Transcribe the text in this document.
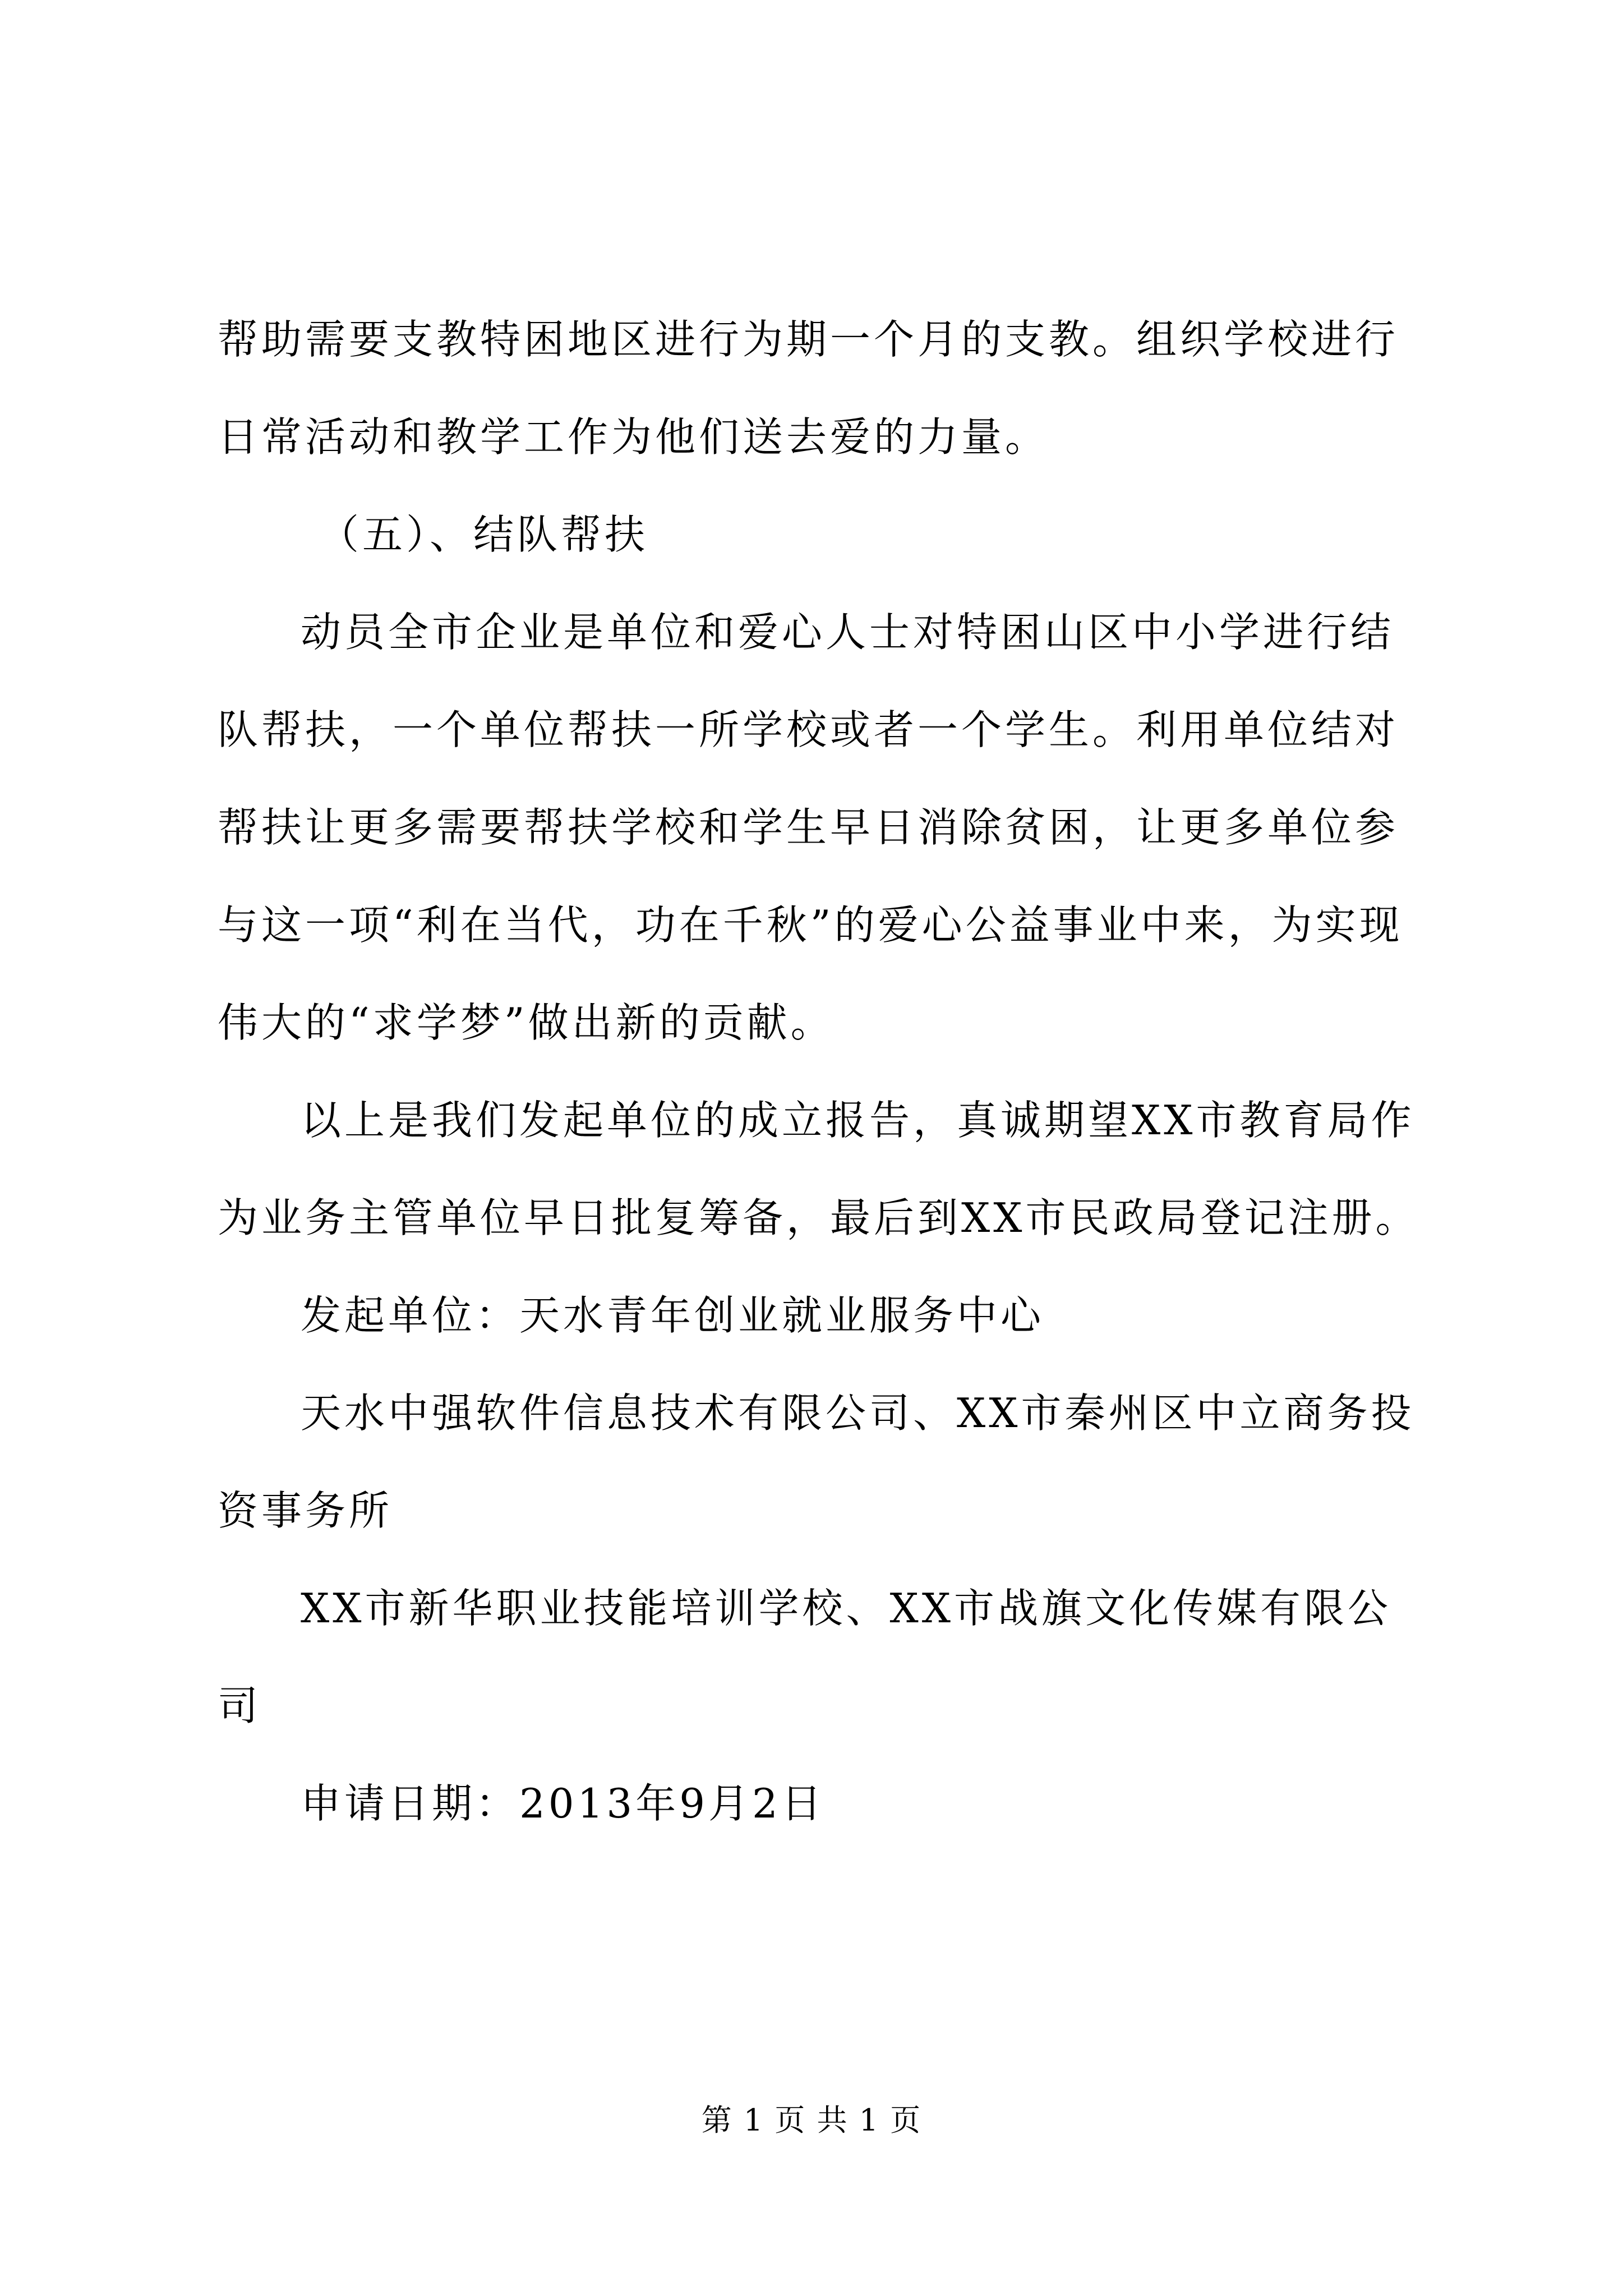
帮助需要支教特困地区进行为期一个月的支教。组织学校进行日常活动和教学工作为他们送去爱的力量。

（五）、结队帮扶

动员全市企业是单位和爱心人士对特困山区中小学进行结队帮扶，一个单位帮扶一所学校或者一个学生。利用单位结对帮扶让更多需要帮扶学校和学生早日消除贫困，让更多单位参与这一项“利在当代，功在千秋”的爱心公益事业中来，为实现伟大的“求学梦”做出新的贡献。

以上是我们发起单位的成立报告，真诚期望XX市教育局作为业务主管单位早日批复筹备，最后到XX市民政局登记注册。

发起单位：天水青年创业就业服务中心

天水中强软件信息技术有限公司、XX市秦州区中立商务投资事务所

XX市新华职业技能培训学校、XX市战旗文化传媒有限公司

申请日期：2013年9月2日

第 1 页 共 1 页
